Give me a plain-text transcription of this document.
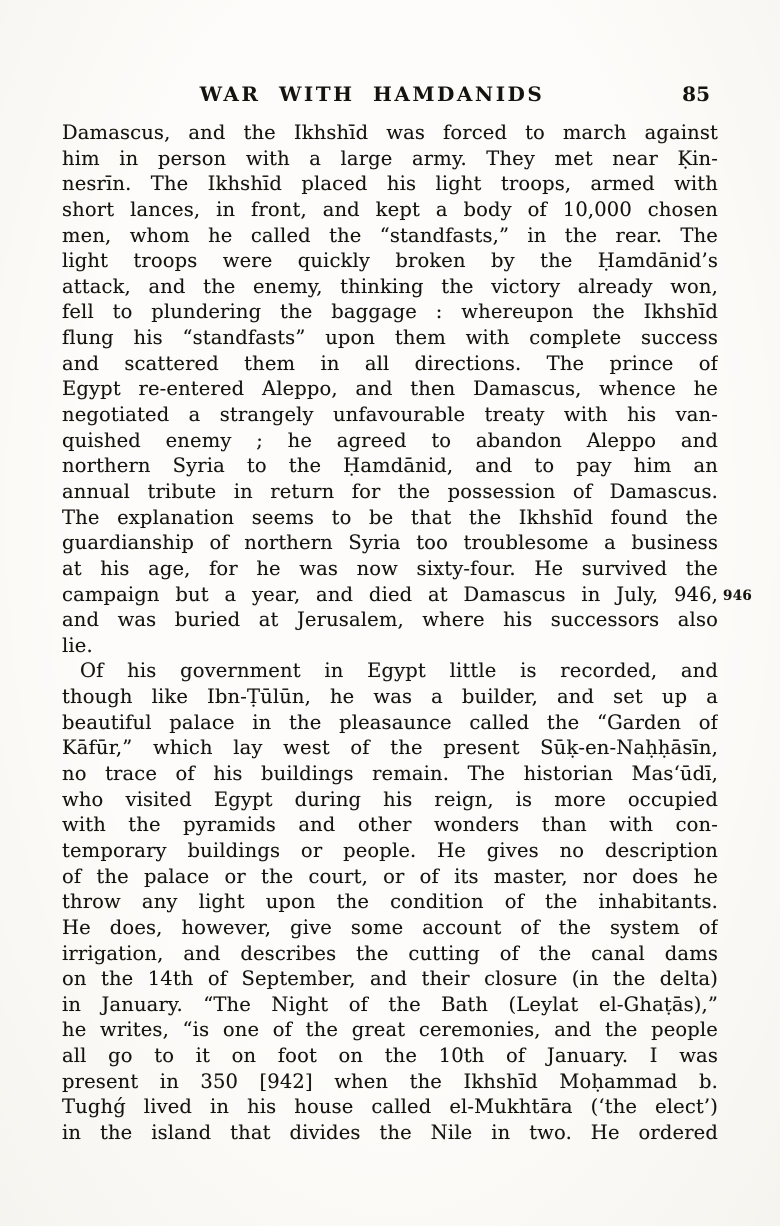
WAR WITH HAMDANIDS	85
Damascus, and the Ikhshīd was forced to march against
him in person with a large army. They met near Ḳin-
nesrīn. The Ikhshīd placed his light troops, armed with
short lances, in front, and kept a body of 10,000 chosen
men, whom he called the “standfasts,” in the rear. The
light troops were quickly broken by the Ḥamdānid’s
attack, and the enemy, thinking the victory already won,
fell to plundering the baggage : whereupon the Ikhshīd
flung his “standfasts” upon them with complete success
and scattered them in all directions. The prince of
Egypt re-entered Aleppo, and then Damascus, whence he
negotiated a strangely unfavourable treaty with his van-
quished enemy ; he agreed to abandon Aleppo and
northern Syria to the Ḥamdānid, and to pay him an
annual tribute in return for the possession of Damascus.
The explanation seems to be that the Ikhshīd found the
guardianship of northern Syria too troublesome a business
at his age, for he was now sixty-four. He survived the
campaign but a year, and died at Damascus in July, 946,
and was buried at Jerusalem, where his successors also
lie.
Of his government in Egypt little is recorded, and
though like Ibn-Ṭūlūn, he was a builder, and set up a
beautiful palace in the pleasaunce called the “Garden of
Kāfūr,” which lay west of the present Sūḳ-en-Naḥḥāsīn,
no trace of his buildings remain. The historian Mas‘ūdī,
who visited Egypt during his reign, is more occupied
with the pyramids and other wonders than with con-
temporary buildings or people. He gives no description
of the palace or the court, or of its master, nor does he
throw any light upon the condition of the inhabitants.
He does, however, give some account of the system of
irrigation, and describes the cutting of the canal dams
on the 14th of September, and their closure (in the delta)
in January. “The Night of the Bath (Leylat el-Ghaṭās),”
he writes, “is one of the great ceremonies, and the people
all go to it on foot on the 10th of January. I was
present in 350 [942] when the Ikhshīd Moḥammad b.
Tughǵ lived in his house called el-Mukhtāra (‘the elect’)
in the island that divides the Nile in two. He ordered
946
